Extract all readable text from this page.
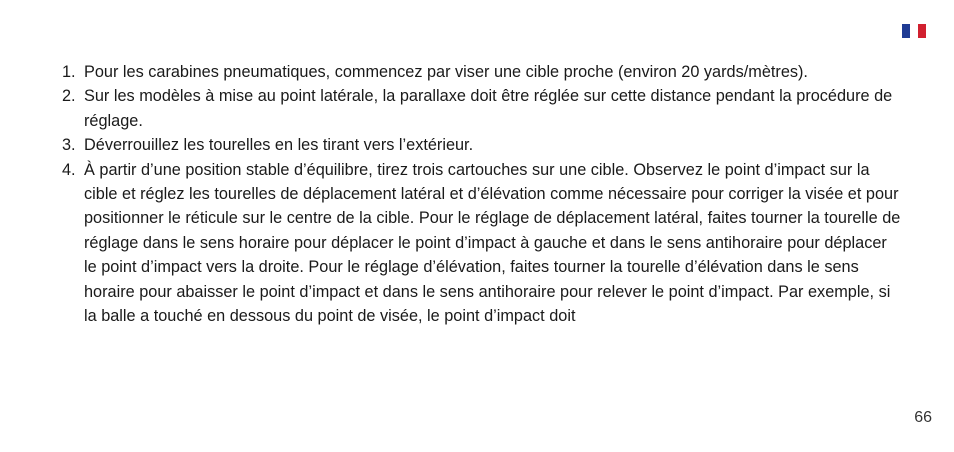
1. Pour les carabines pneumatiques, commencez par viser une cible proche (environ 20 yards/mètres).
2. Sur les modèles à mise au point latérale, la parallaxe doit être réglée sur cette distance pendant la procédure de réglage.
3. Déverrouillez les tourelles en les tirant vers l’extérieur.
4. À partir d’une position stable d’équilibre, tirez trois cartouches sur une cible. Observez le point d’impact sur la cible et réglez les tourelles de déplacement latéral et d’élévation comme nécessaire pour corriger la visée et pour positionner le réticule sur le centre de la cible. Pour le réglage de déplacement latéral, faites tourner la tourelle de réglage dans le sens horaire pour déplacer le point d’impact à gauche et dans le sens antihoraire pour déplacer le point d’impact vers la droite. Pour le réglage d’élévation, faites tourner la tourelle d’élévation dans le sens horaire pour abaisser le point d’impact et dans le sens antihoraire pour relever le point d’impact. Par exemple, si la balle a touché en dessous du point de visée, le point d’impact doit
66
